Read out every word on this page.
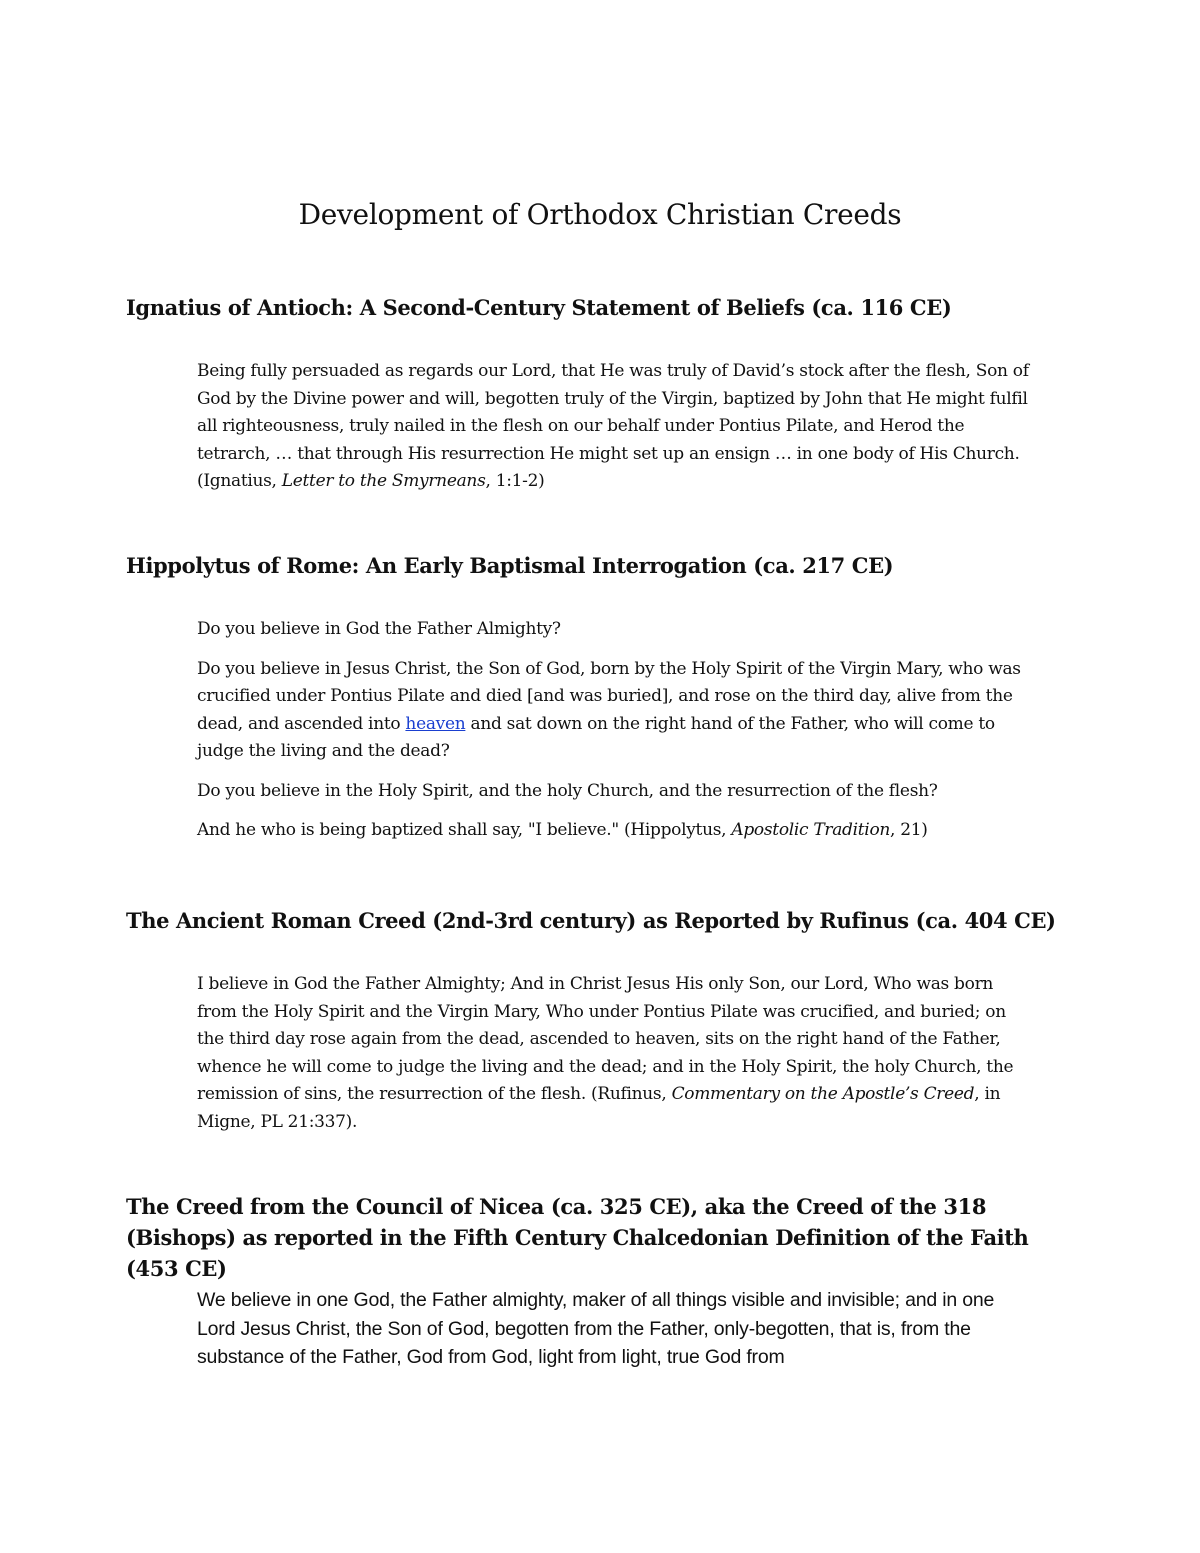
Development of Orthodox Christian Creeds
Ignatius of Antioch: A Second-Century Statement of Beliefs (ca. 116 CE)

Being fully persuaded as regards our Lord, that He was truly of David’s stock after the flesh, Son of God by the Divine power and will, begotten truly of the Virgin, baptized by John that He might fulfil all righteousness, truly nailed in the flesh on our behalf under Pontius Pilate, and Herod the tetrarch, … that through His resurrection He might set up an ensign … in one body of His Church. (Ignatius, Letter to the Smyrneans, 1:1-2)

Hippolytus of Rome: An Early Baptismal Interrogation (ca. 217 CE)

Do you believe in God the Father Almighty?

Do you believe in Jesus Christ, the Son of God, born by the Holy Spirit of the Virgin Mary, who was crucified under Pontius Pilate and died [and was buried], and rose on the third day, alive from the dead, and ascended into heaven and sat down on the right hand of the Father, who will come to judge the living and the dead?

Do you believe in the Holy Spirit, and the holy Church, and the resurrection of the flesh?

And he who is being baptized shall say, "I believe." (Hippolytus, Apostolic Tradition, 21)

The Ancient Roman Creed (2nd-3rd century) as Reported by Rufinus (ca. 404 CE)

I believe in God the Father Almighty; And in Christ Jesus His only Son, our Lord, Who was born from the Holy Spirit and the Virgin Mary, Who under Pontius Pilate was crucified, and buried; on the third day rose again from the dead, ascended to heaven, sits on the right hand of the Father, whence he will come to judge the living and the dead; and in the Holy Spirit, the holy Church, the remission of sins, the resurrection of the flesh. (Rufinus, Commentary on the Apostle’s Creed, in Migne, PL 21:337).

The Creed from the Council of Nicea (ca. 325 CE), aka the Creed of the 318 (Bishops) as reported in the Fifth Century Chalcedonian Definition of the Faith (453 CE)

We believe in one God, the Father almighty, maker of all things visible and invisible; and in one Lord Jesus Christ, the Son of God, begotten from the Father, only-begotten, that is, from the substance of the Father, God from God, light from light, true God from
